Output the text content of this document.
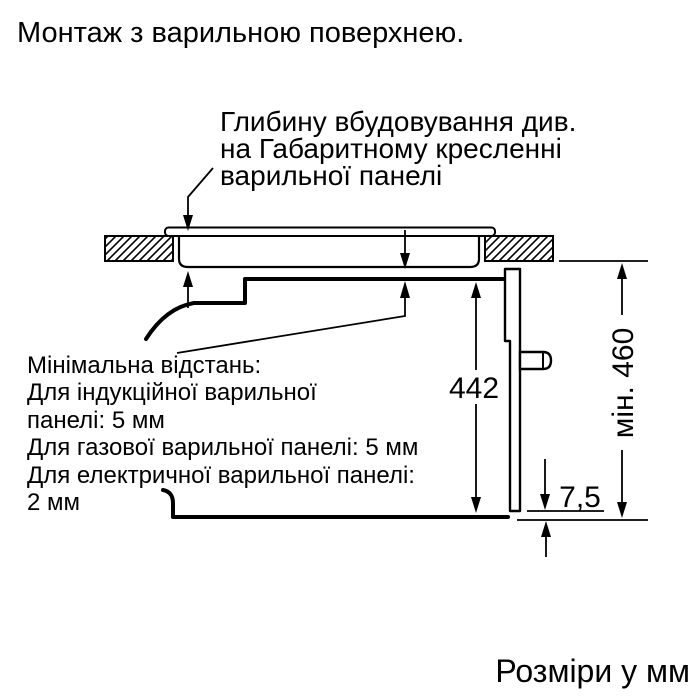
Монтаж з варильною поверхнею.
Глибину вбудовування див.
на Габаритному кресленні
варильної панелі
Мінімальна відстань:
Для індукційної варильної
панелі: 5 мм
Для газової варильної панелі: 5 мм
Для електричної варильної панелі:
2 мм
Розміри у мм
442	мін. 460
7,5
